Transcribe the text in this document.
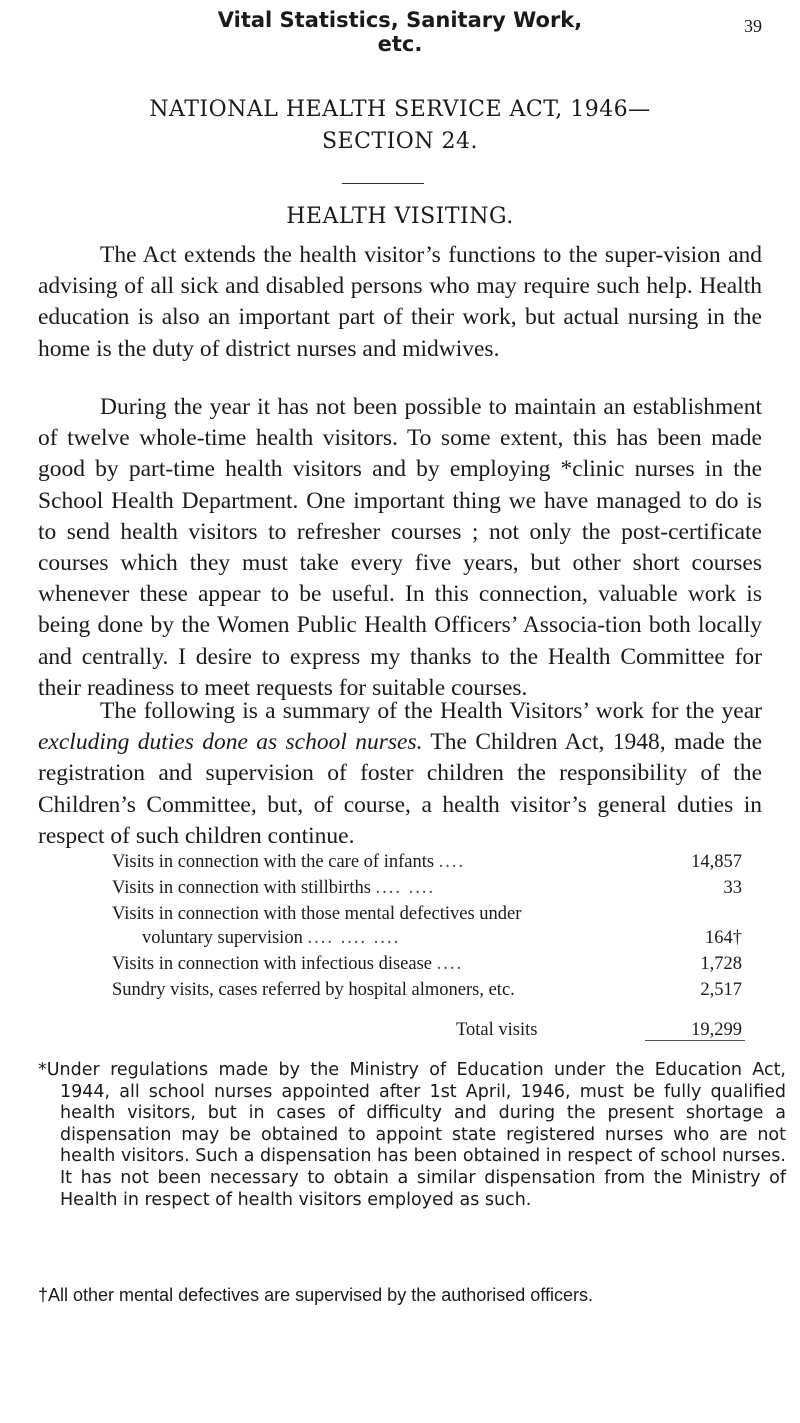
Vital Statistics, Sanitary Work, etc.
39
NATIONAL HEALTH SERVICE ACT, 1946—
SECTION 24.
HEALTH VISITING.

The Act extends the health visitor’s functions to the super-vision and advising of all sick and disabled persons who may require such help. Health education is also an important part of their work, but actual nursing in the home is the duty of district nurses and midwives.

During the year it has not been possible to maintain an establishment of twelve whole-time health visitors. To some extent, this has been made good by part-time health visitors and by employing *clinic nurses in the School Health Department. One important thing we have managed to do is to send health visitors to refresher courses ; not only the post-certificate courses which they must take every five years, but other short courses whenever these appear to be useful. In this connection, valuable work is being done by the Women Public Health Officers’ Associa-tion both locally and centrally. I desire to express my thanks to the Health Committee for their readiness to meet requests for suitable courses.

The following is a summary of the Health Visitors’ work for the year excluding duties done as school nurses. The Children Act, 1948, made the registration and supervision of foster children the responsibility of the Children’s Committee, but, of course, a health visitor’s general duties in respect of such children continue.

Visits in connection with the care of infants ....	14,857
Visits in connection with stillbirths .... ....	33
Visits in connection with those mental defectives under
voluntary supervision .... .... ....	164†
Visits in connection with infectious disease ....	1,728
Sundry visits, cases referred by hospital almoners, etc.	2,517
Total visits	19,299

*Under regulations made by the Ministry of Education under the Education Act, 1944, all school nurses appointed after 1st April, 1946, must be fully qualified health visitors, but in cases of difficulty and during the present shortage a dispensation may be obtained to appoint state registered nurses who are not health visitors. Such a dispensation has been obtained in respect of school nurses. It has not been necessary to obtain a similar dispensation from the Ministry of Health in respect of health visitors employed as such.

†All other mental defectives are supervised by the authorised officers.
